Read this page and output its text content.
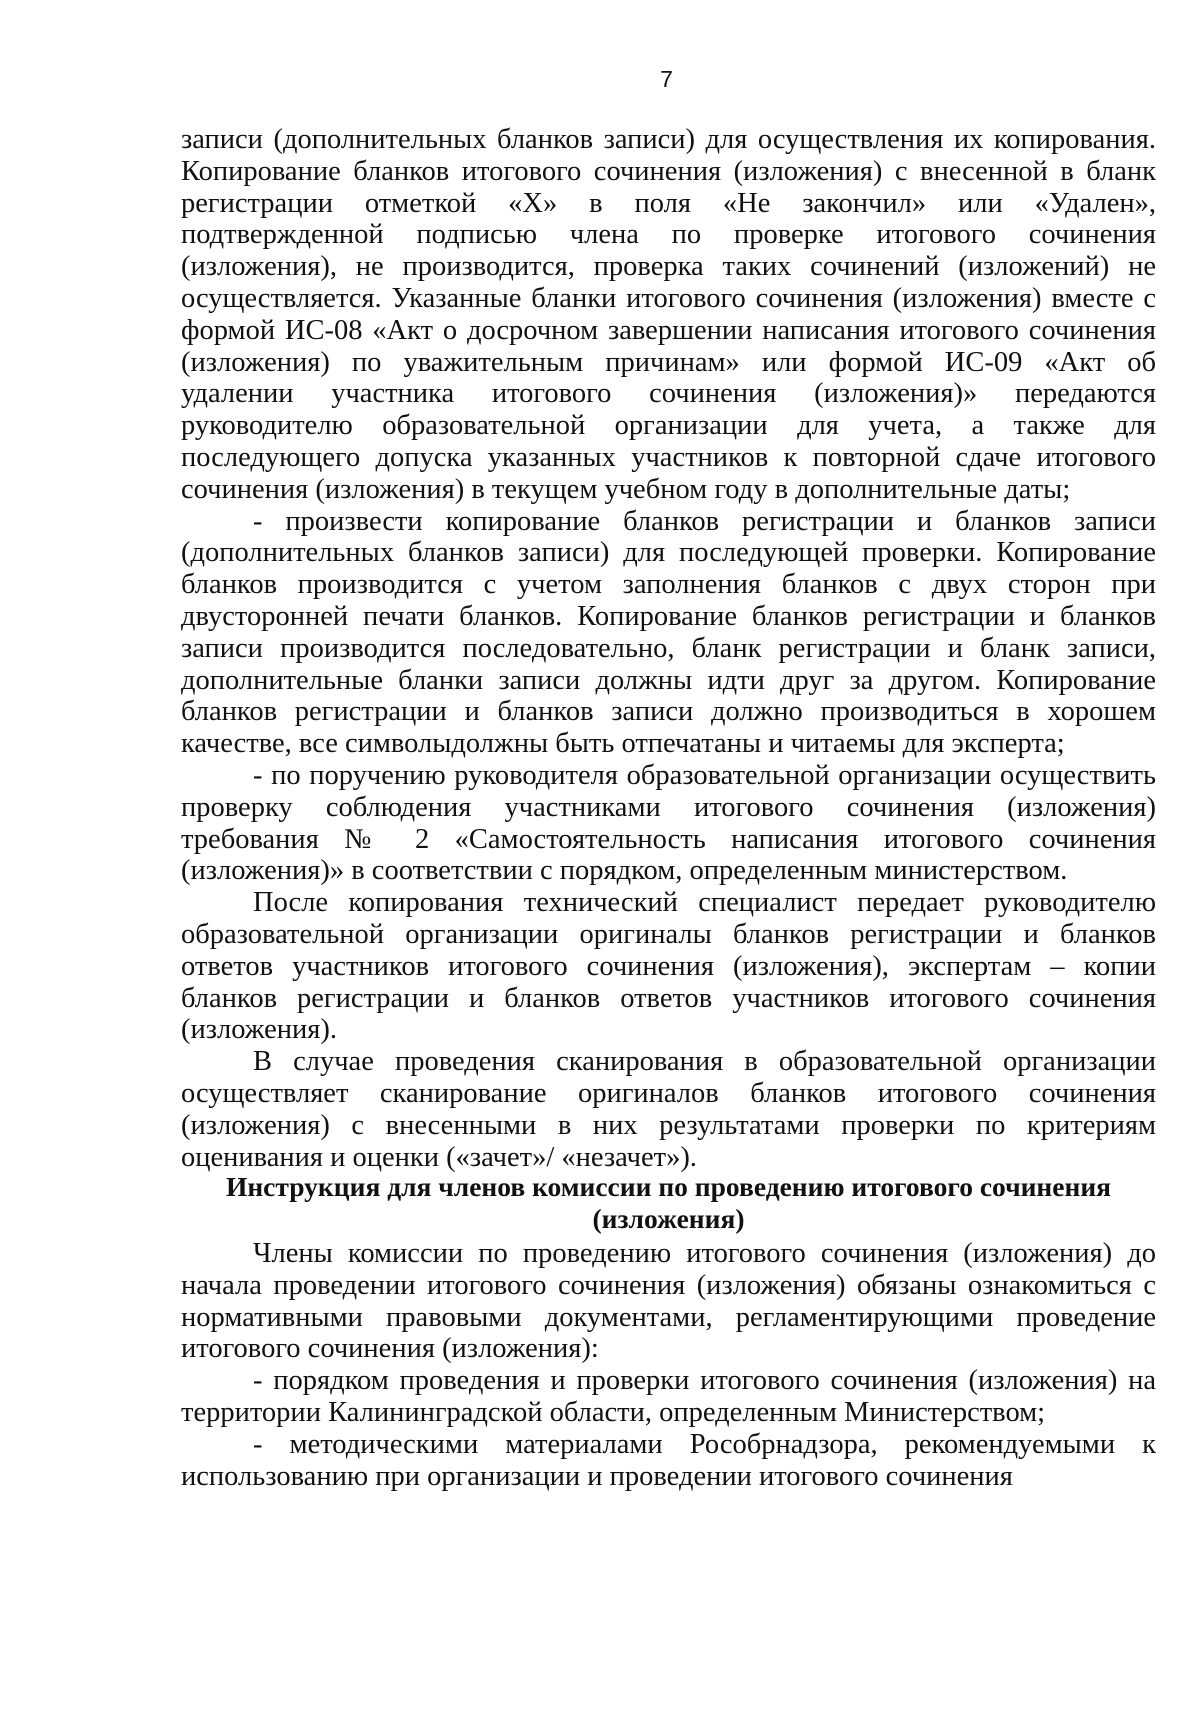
7

записи (дополнительных бланков записи) для осуществления их копирования. Копирование бланков итогового сочинения (изложения) с внесенной в бланк регистрации отметкой «Х» в поля «Не закончил» или «Удален», подтвержденной подписью члена по проверке итогового сочинения (изложения), не производится, проверка таких сочинений (изложений) не осуществляется. Указанные бланки итогового сочинения (изложения) вместе с формой ИС-08 «Акт о досрочном завершении написания итогового сочинения (изложения) по уважительным причинам» или формой ИС-09 «Акт об удалении участника итогового сочинения (изложения)» передаются руководителю образовательной организации для учета, а также для последующего допуска указанных участников к повторной сдаче итогового сочинения (изложения) в текущем учебном году в дополнительные даты;

- произвести копирование бланков регистрации и бланков записи (дополнительных бланков записи) для последующей проверки. Копирование бланков производится с учетом заполнения бланков с двух сторон при двусторонней печати бланков. Копирование бланков регистрации и бланков записи производится последовательно, бланк регистрации и бланк записи, дополнительные бланки записи должны идти друг за другом. Копирование бланков регистрации и бланков записи должно производиться в хорошем качестве, все символыдолжны быть отпечатаны и читаемы для эксперта;

- по поручению руководителя образовательной организации осуществить проверку соблюдения участниками итогового сочинения (изложения) требования № 2 «Самостоятельность написания итогового сочинения (изложения)» в соответствии с порядком, определенным министерством.

После копирования технический специалист передает руководителю образовательной организации оригиналы бланков регистрации и бланков ответов участников итогового сочинения (изложения), экспертам – копии бланков регистрации и бланков ответов участников итогового сочинения (изложения).

В случае проведения сканирования в образовательной организации осуществляет сканирование оригиналов бланков итогового сочинения (изложения) с внесенными в них результатами проверки по критериям оценивания и оценки («зачет»/ «незачет»).

Инструкция для членов комиссии по проведению итогового сочинения
(изложения)

Члены комиссии по проведению итогового сочинения (изложения) до начала проведении итогового сочинения (изложения) обязаны ознакомиться с нормативными правовыми документами, регламентирующими проведение итогового сочинения (изложения):

- порядком проведения и проверки итогового сочинения (изложения) на территории Калининградской области, определенным Министерством;

- методическими материалами Рособрнадзора, рекомендуемыми к использованию при организации и проведении итогового сочинения
